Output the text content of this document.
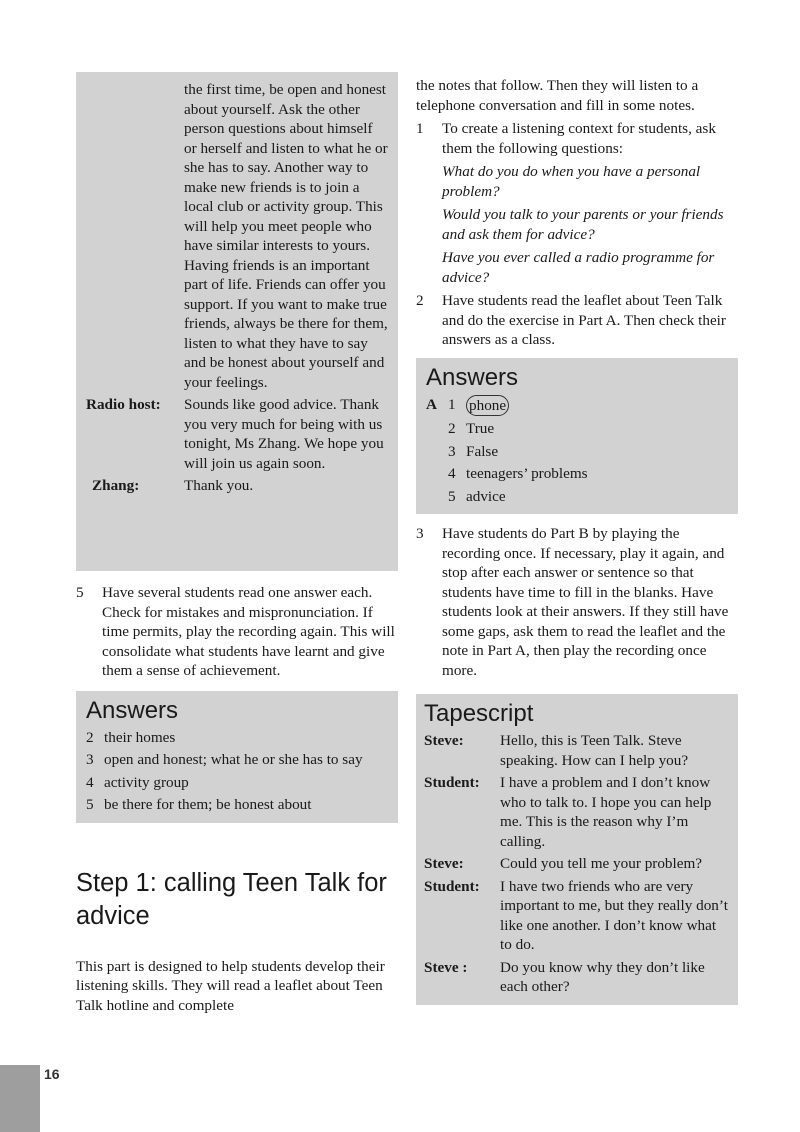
the first time, be open and honest about yourself. Ask the other person questions about himself or herself and listen to what he or she has to say. Another way to make new friends is to join a local club or activity group. This will help you meet people who have similar interests to yours. Having friends is an important part of life. Friends can offer you support. If you want to make true friends, always be there for them, listen to what they have to say and be honest about yourself and your feelings.
Radio host:	Sounds like good advice. Thank you very much for being with us tonight, Ms Zhang. We hope you will join us again soon.
Zhang:	Thank you.
5	Have several students read one answer each. Check for mistakes and mispronunciation. If time permits, play the recording again. This will consolidate what students have learnt and give them a sense of achievement.
Answers
2 their homes
3 open and honest; what he or she has to say
4 activity group
5 be there for them; be honest about
Step 1: calling Teen Talk for advice

This part is designed to help students develop their listening skills. They will read a leaflet about Teen Talk hotline and complete

the notes that follow. Then they will listen to a telephone conversation and fill in some notes.

1	To create a listening context for students, ask them the following questions:
What do you do when you have a personal problem?
Would you talk to your parents or your friends and ask them for advice?
Have you ever called a radio programme for advice?
2	Have students read the leaflet about Teen Talk and do the exercise in Part A. Then check their answers as a class.
Answers
A 1 phone
2 True
3 False
4 teenagers’ problems
5 advice
3	Have students do Part B by playing the recording once. If necessary, play it again, and stop after each answer or sentence so that students have time to fill in the blanks. Have students look at their answers. If they still have some gaps, ask them to read the leaflet and the note in Part A, then play the recording once more.
Tapescript
Steve:	Hello, this is Teen Talk. Steve speaking. How can I help you?
Student:	I have a problem and I don’t know who to talk to. I hope you can help me. This is the reason why I’m calling.
Steve:	Could you tell me your problem?
Student:	I have two friends who are very important to me, but they really don’t like one another. I don’t know what to do.
Steve :	Do you know why they don’t like each other?
16
